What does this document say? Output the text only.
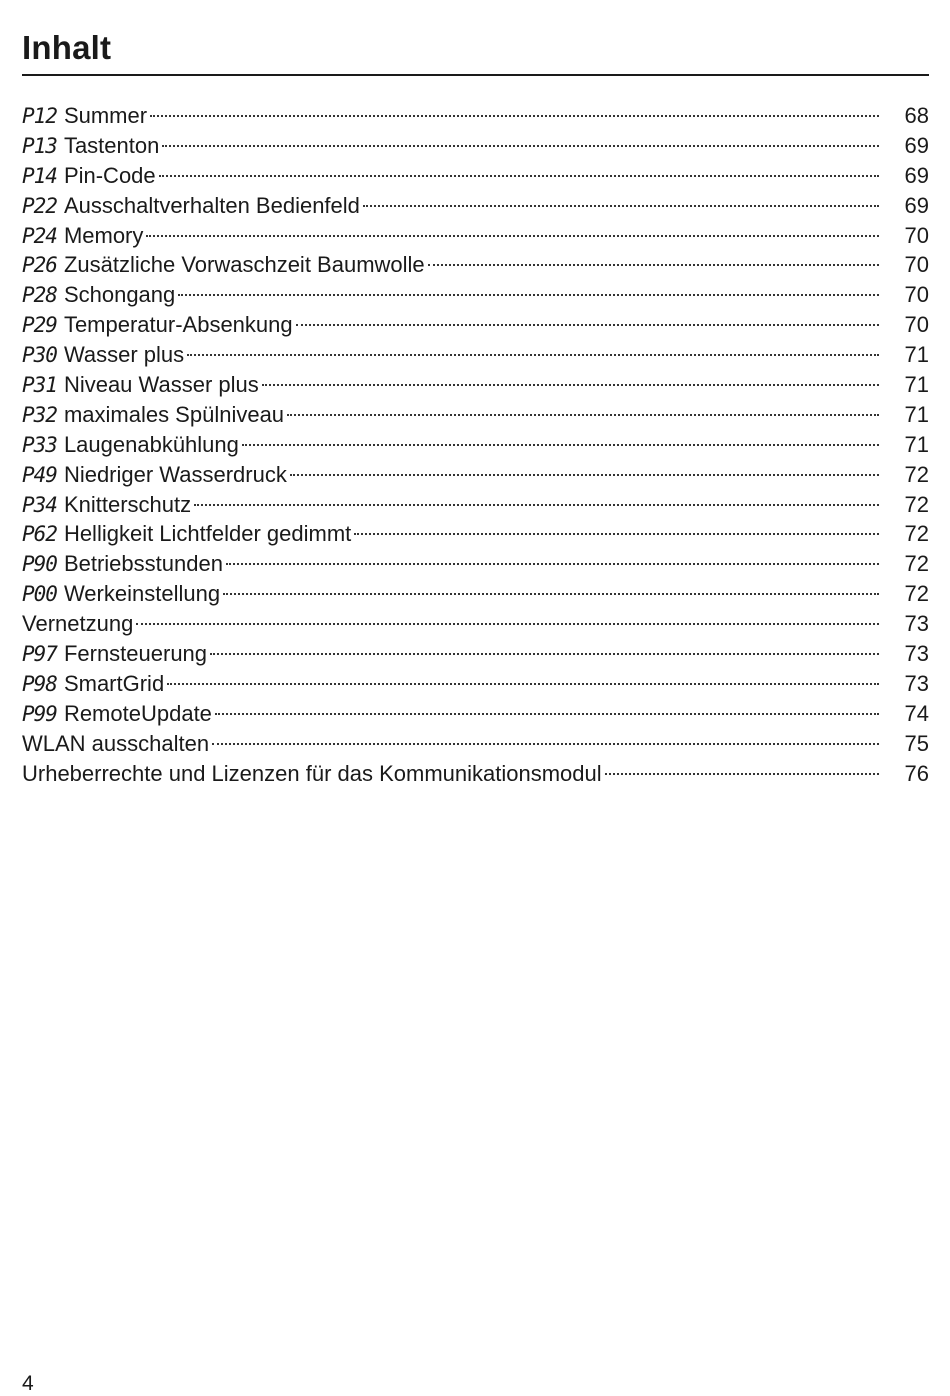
Inhalt
P12 Summer	68
P13 Tastenton	69
P14 Pin-Code	69
P22 Ausschaltverhalten Bedienfeld	69
P24 Memory	70
P26 Zusätzliche Vorwaschzeit Baumwolle	70
P28 Schongang	70
P29 Temperatur-Absenkung	70
P30 Wasser plus	71
P31 Niveau Wasser plus	71
P32 maximales Spülniveau	71
P33 Laugenabkühlung	71
P49 Niedriger Wasserdruck	72
P34 Knitterschutz	72
P62 Helligkeit Lichtfelder gedimmt	72
P90 Betriebsstunden	72
P00 Werkeinstellung	72
Vernetzung	73
P97 Fernsteuerung	73
P98 SmartGrid	73
P99 RemoteUpdate	74
WLAN ausschalten	75
Urheberrechte und Lizenzen für das Kommunikationsmodul	76
4
